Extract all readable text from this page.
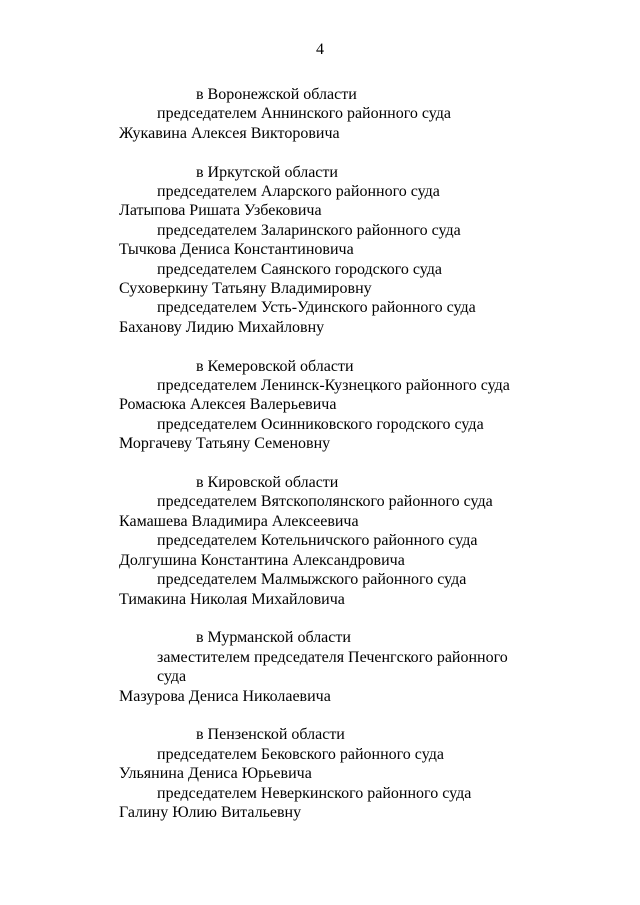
4
в Воронежской области
председателем Аннинского районного суда
Жукавина Алексея Викторовича
в Иркутской области
председателем Аларского районного суда
Латыпова Ришата Узбековича
председателем Заларинского районного суда
Тычкова Дениса Константиновича
председателем Саянского городского суда
Суховеркину Татьяну Владимировну
председателем Усть-Удинского районного суда
Баханову Лидию Михайловну
в Кемеровской области
председателем Ленинск-Кузнецкого районного суда
Ромасюка Алексея Валерьевича
председателем Осинниковского городского суда
Моргачеву Татьяну Семеновну
в Кировской области
председателем Вятскополянского районного суда
Камашева Владимира Алексеевича
председателем Котельничского районного суда
Долгушина Константина Александровича
председателем Малмыжского районного суда
Тимакина Николая Михайловича
в Мурманской области
заместителем председателя Печенгского районного
суда
Мазурова Дениса Николаевича
в Пензенской области
председателем Бековского районного суда
Ульянина Дениса Юрьевича
председателем Неверкинского районного суда
Галину Юлию Витальевну
